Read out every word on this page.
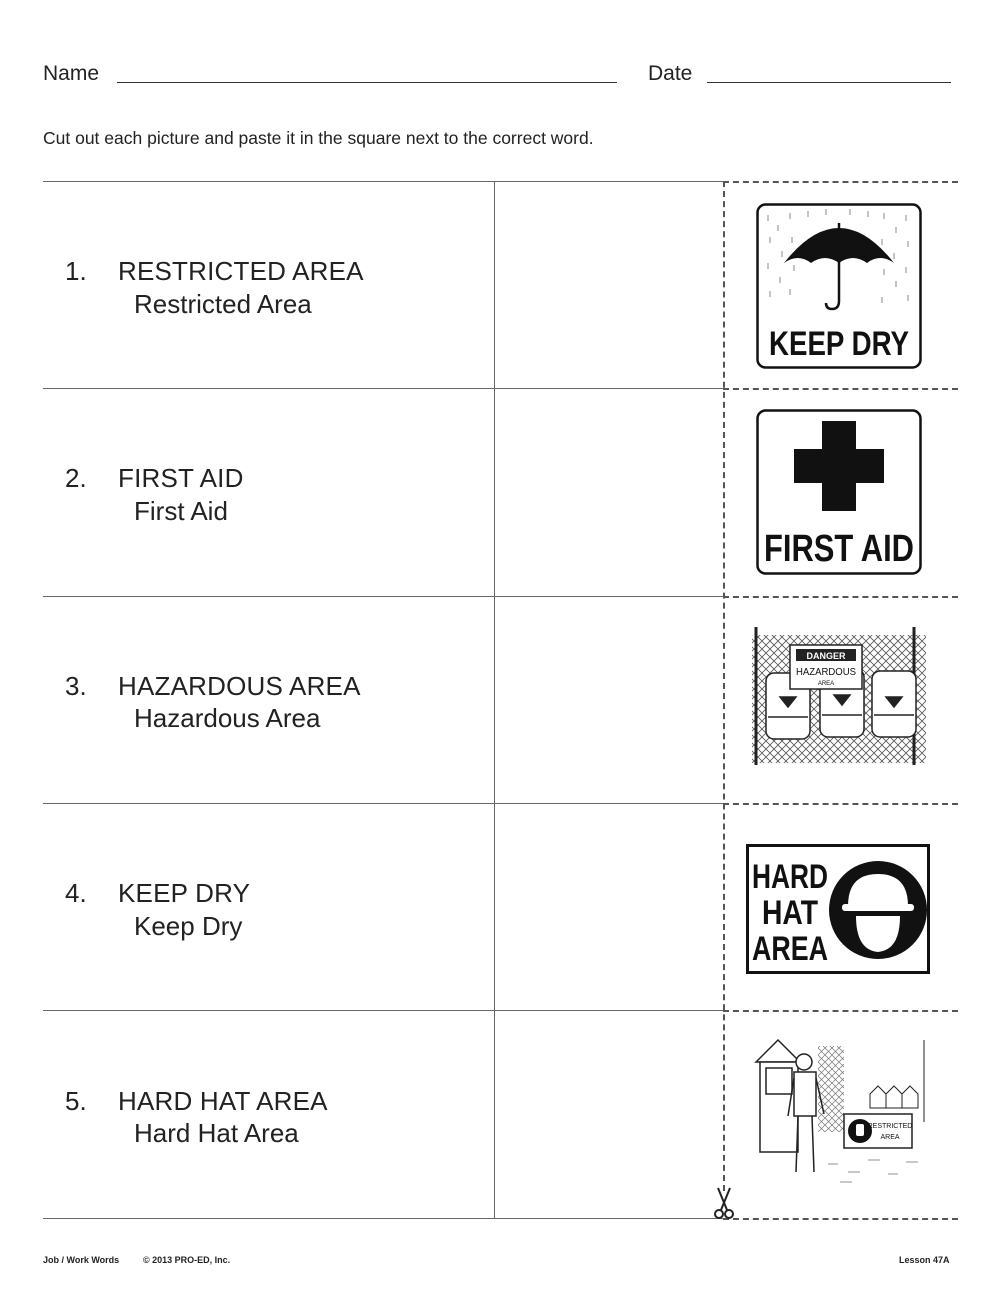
Name	Date
Cut out each picture and paste it in the square next to the correct word.
1. RESTRICTED AREA
Restricted Area
2. FIRST AID
First Aid
3. HAZARDOUS AREA
Hazardous Area
4. KEEP DRY
Keep Dry
5. HARD HAT AREA
Hard Hat Area
KEEP DRY
FIRST AID
DANGER
HAZARDOUS
AREA
HARD
HAT
AREA
RESTRICTED
AREA
Job / Work Words	© 2013 PRO-ED, Inc.	Lesson 47A
